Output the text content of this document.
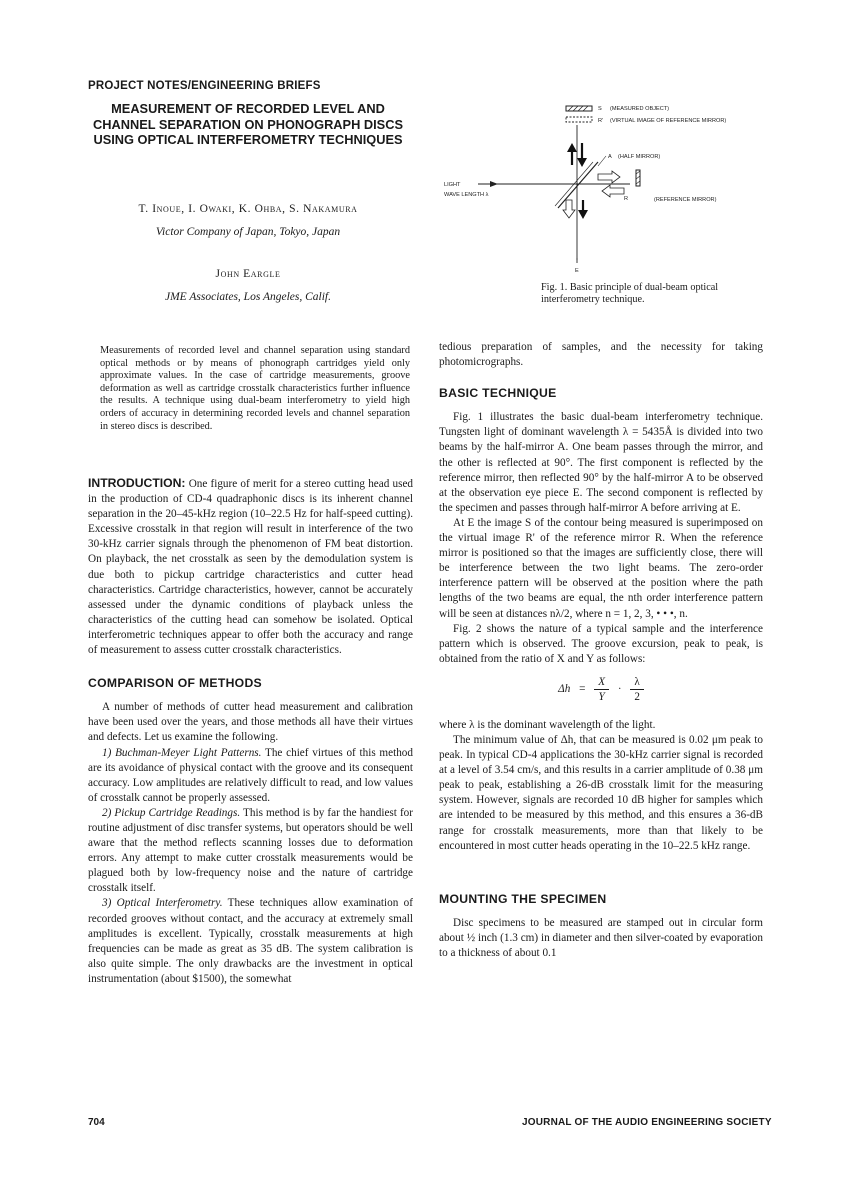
PROJECT NOTES/ENGINEERING BRIEFS
MEASUREMENT OF RECORDED LEVEL AND CHANNEL SEPARATION ON PHONOGRAPH DISCS USING OPTICAL INTERFEROMETRY TECHNIQUES
T. Inoue, I. Owaki, K. Ohba, S. Nakamura
Victor Company of Japan, Tokyo, Japan
John Eargle
JME Associates, Los Angeles, Calif.
Measurements of recorded level and channel separation using standard optical methods or by means of phonograph cartridges yield only approximate values. In the case of cartridge measurements, groove deformation as well as cartridge crosstalk characteristics further influence the results. A technique using dual-beam interferometry to yield high orders of accuracy in determining recorded levels and channel separation in stereo discs is described.
S (MEASURED OBJECT)
R' (VIRTUAL IMAGE OF REFERENCE MIRROR)
A (HALF MIRROR)
LIGHT
WAVE LENGTH λ
R	(REFERENCE MIRROR)
E
Fig. 1. Basic principle of dual-beam optical interferometry technique.

INTRODUCTION: One figure of merit for a stereo cutting head used in the production of CD-4 quadraphonic discs is its inherent channel separation in the 20–45-kHz region (10–22.5 Hz for half-speed cutting). Excessive crosstalk in that region will result in interference of the two 30-kHz carrier signals through the phenomenon of FM beat distortion. On playback, the net crosstalk as seen by the demodulation system is due both to pickup cartridge characteristics and cutter head characteristics. Cartridge characteristics, however, cannot be accurately assessed under the dynamic conditions of playback unless the characteristics of the cutting head can somehow be isolated. Optical interferometric techniques appear to offer both the accuracy and range of measurement to assess cutter crosstalk characteristics.

COMPARISON OF METHODS

A number of methods of cutter head measurement and calibration have been used over the years, and those methods all have their virtues and defects. Let us examine the following.

1) Buchman-Meyer Light Patterns. The chief virtues of this method are its avoidance of physical contact with the groove and its consequent accuracy. Low amplitudes are relatively difficult to read, and low values of crosstalk cannot be properly assessed.

2) Pickup Cartridge Readings. This method is by far the handiest for routine adjustment of disc transfer systems, but operators should be well aware that the method reflects scanning losses due to deformation errors. Any attempt to make cutter crosstalk measurements would be plagued both by low-frequency noise and the nature of cartridge crosstalk itself.

3) Optical Interferometry. These techniques allow examination of recorded grooves without contact, and the accuracy at extremely small amplitudes is excellent. Typically, crosstalk measurements at high frequencies can be made as great as 35 dB. The system calibration is also quite simple. The only drawbacks are the investment in optical instrumentation (about $1500), the somewhat

tedious preparation of samples, and the necessity for taking photomicrographs.

BASIC TECHNIQUE

Fig. 1 illustrates the basic dual-beam interferometry technique. Tungsten light of dominant wavelength λ = 5435Å is divided into two beams by the half-mirror A. One beam passes through the mirror, and the other is reflected at 90°. The first component is reflected by the reference mirror, then reflected 90° by the half-mirror A to be observed at the observation eye piece E. The second component is reflected by the specimen and passes through half-mirror A before arriving at E.

At E the image S of the contour being measured is superimposed on the virtual image R' of the reference mirror R. When the reference mirror is positioned so that the images are sufficiently close, there will be interference between the two light beams. The zero-order interference pattern will be observed at the position where the path lengths of the two beams are equal, the nth order interference pattern will be seen at distances nλ/2, where n = 1, 2, 3, • • •, n.

Fig. 2 shows the nature of a typical sample and the interference pattern which is observed. The groove excursion, peak to peak, is obtained from the ratio of X and Y as follows:

$\Delta h = \frac{X}{Y} \cdot \frac{\lambda}{2}$

where λ is the dominant wavelength of the light.

The minimum value of Δh, that can be measured is 0.02 μm peak to peak. In typical CD-4 applications the 30-kHz carrier signal is recorded at a level of 3.54 cm/s, and this results in a carrier amplitude of 0.38 μm peak to peak, establishing a 26-dB crosstalk limit for the measuring system. However, signals are recorded 10 dB higher for samples which are intended to be measured by this method, and this ensures a 36-dB range for crosstalk measurements, more than that likely to be encountered in most cutter heads operating in the 10–22.5 kHz range.

MOUNTING THE SPECIMEN

Disc specimens to be measured are stamped out in circular form about ½ inch (1.3 cm) in diameter and then silver-coated by evaporation to a thickness of about 0.1

704	JOURNAL OF THE AUDIO ENGINEERING SOCIETY
